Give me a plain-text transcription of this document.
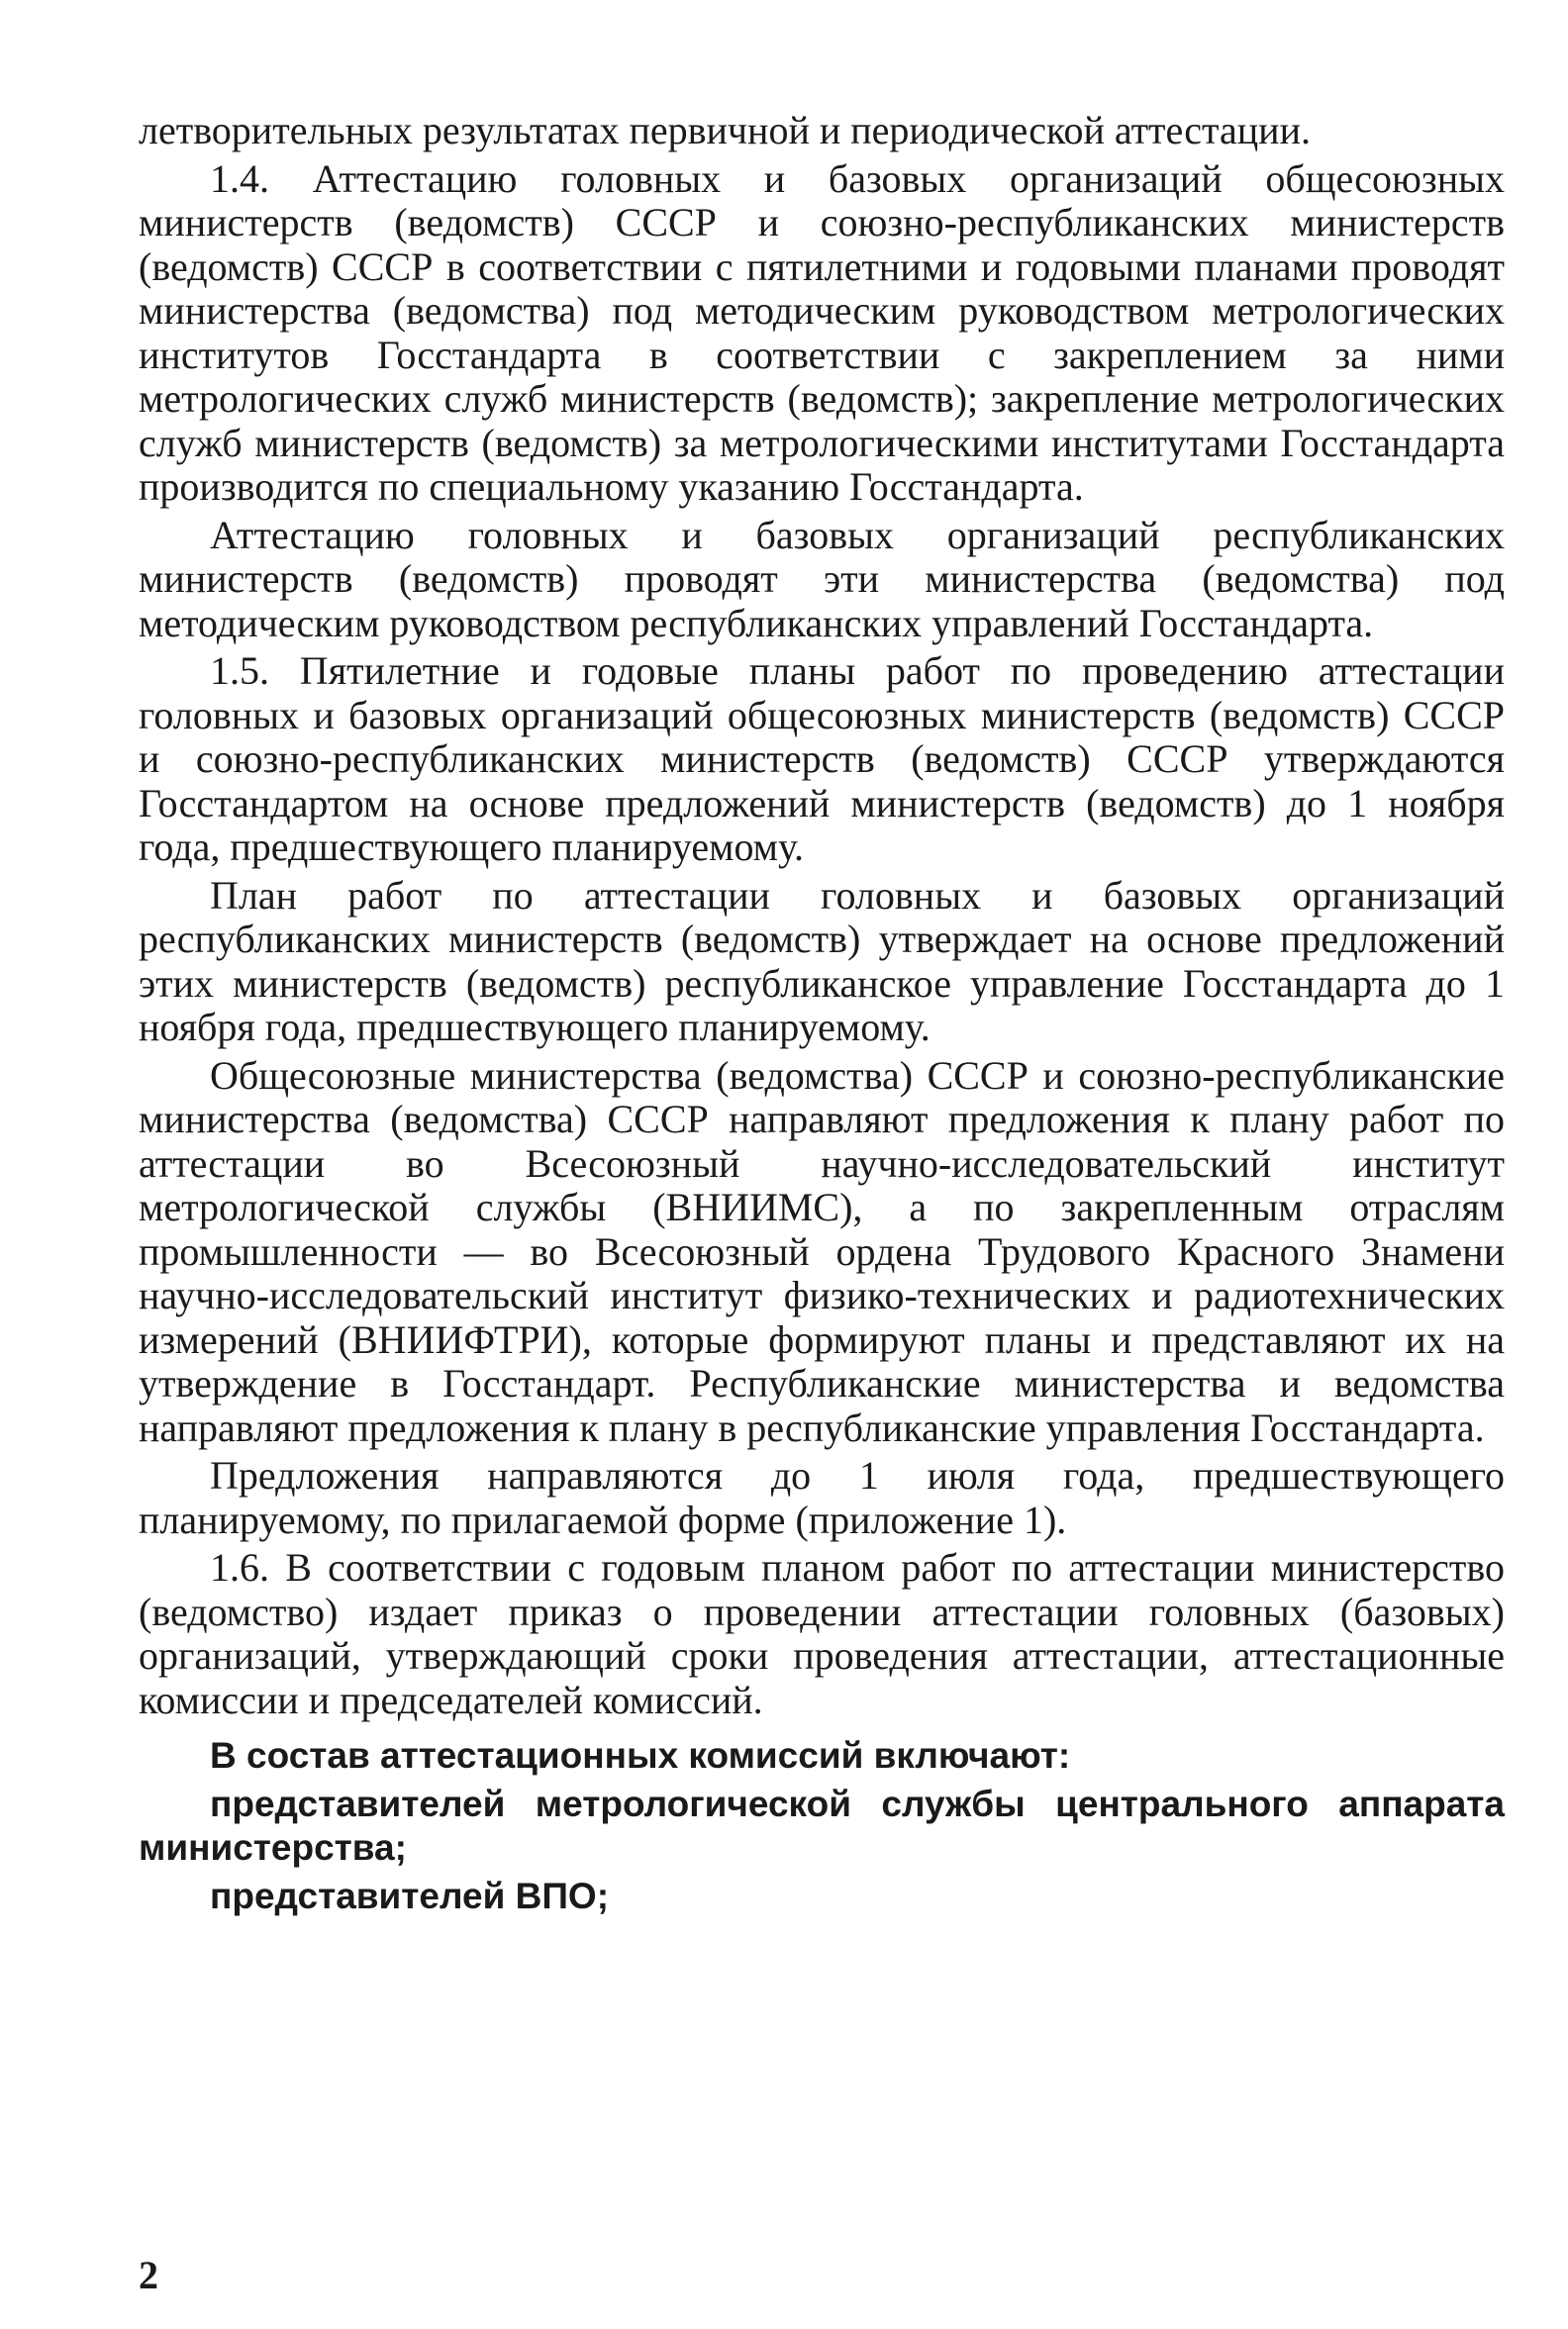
летворительных результатах первичной и периодической аттестации.

1.4. Аттестацию головных и базовых организаций общесоюзных министерств (ведомств) СССР и союзно-республиканских министерств (ведомств) СССР в соответствии с пятилетними и годовыми планами проводят министерства (ведомства) под методическим руководством метрологических институтов Госстандарта в соответствии с закреплением за ними метрологических служб министерств (ведомств); закрепление метрологических служб министерств (ведомств) за метрологическими институтами Госстандарта производится по специальному указанию Госстандарта.

Аттестацию головных и базовых организаций республиканских министерств (ведомств) проводят эти министерства (ведомства) под методическим руководством республиканских управлений Госстандарта.

1.5. Пятилетние и годовые планы работ по проведению аттестации головных и базовых организаций общесоюзных министерств (ведомств) СССР и союзно-республиканских министерств (ведомств) СССР утверждаются Госстандартом на основе предложений министерств (ведомств) до 1 ноября года, предшествующего планируемому.

План работ по аттестации головных и базовых организаций республиканских министерств (ведомств) утверждает на основе предложений этих министерств (ведомств) республиканское управление Госстандарта до 1 ноября года, предшествующего планируемому.

Общесоюзные министерства (ведомства) СССР и союзно-республиканские министерства (ведомства) СССР направляют предложения к плану работ по аттестации во Всесоюзный научно-исследовательский институт метрологической службы (ВНИИМС), а по закрепленным отраслям промышленности — во Всесоюзный ордена Трудового Красного Знамени научно-исследовательский институт физико-технических и радиотехнических измерений (ВНИИФТРИ), которые формируют планы и представляют их на утверждение в Госстандарт. Республиканские министерства и ведомства направляют предложения к плану в республиканские управления Госстандарта.

Предложения направляются до 1 июля года, предшествующего планируемому, по прилагаемой форме (приложение 1).

1.6. В соответствии с годовым планом работ по аттестации министерство (ведомство) издает приказ о проведении аттестации головных (базовых) организаций, утверждающий сроки проведения аттестации, аттестационные комиссии и председателей комиссий.

В состав аттестационных комиссий включают:

представителей метрологической службы центрального аппарата министерства;

представителей ВПО;

2
